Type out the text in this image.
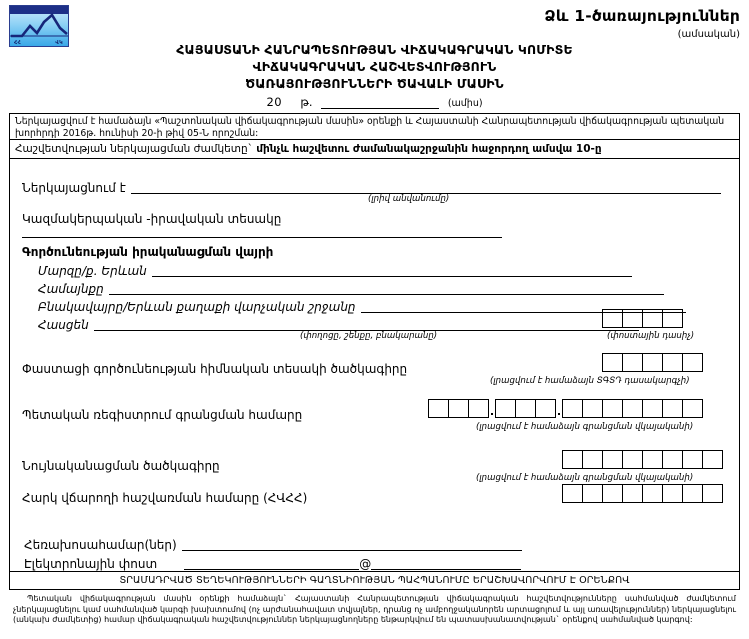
ՀՀ	ՎԿ
Ձև 1-ծառայություններ
(ամսական)
ՀԱՅԱՍՏԱՆԻ ՀԱՆՐԱՊԵՏՈՒԹՅԱՆ ՎԻՃԱԿԱԳՐԱԿԱՆ ԿՈՄԻՏԵ
ՎԻՃԱԿԱԳՐԱԿԱՆ ՀԱՇՎԵՏՎՈՒԹՅՈՒՆ
ԾԱՌԱՅՈՒԹՅՈՒՆՆԵՐԻ ԾԱՎԱԼԻ ՄԱՍԻՆ
20 թ.	(ամիս)
Ներկայացվում է համաձայն «Պաշտոնական վիճակագրության մասին» օրենքի և Հայաստանի Հանրապետության վիճակագրության պետական խորհրդի 2016թ. հունիսի 20-ի թիվ 05-Ն որոշման:
Հաշվետվության ներկայացման ժամկետը` մինչև հաշվետու ժամանակաշրջանին հաջորդող ամսվա 10-ը
Ներկայացնում է
(լրիվ անվանումը)
Կազմակերպական -իրավական տեսակը
Գործունեության իրականացման վայրի
Մարզը/ք. Երևան
Համայնքը
Բնակավայրը/Երևան քաղաքի վարչական շրջանը
Հասցեն
(փողոցը, շենքը, բնակարանը)	(փոստային դասիչ)
Փաստացի գործունեության հիմնական տեսակի ծածկագիրը
(լրացվում է համաձայն ՏԳՏԴ դասակարգչի)
Պետական ռեգիստրում գրանցման համարը
(լրացվում է համաձայն գրանցման վկայականի)
Նույնականացման ծածկագիրը
(լրացվում է համաձայն գրանցման վկայականի)
Հարկ վճարողի հաշվառման համարը (ՀՎՀՀ)
Հեռախոսահամար(ներ)
Էլեկտրոնային փոստ	@
ՏՐԱՄԱԴՐՎԱԾ ՏԵՂԵԿՈՒԹՅՈՒՆՆԵՐԻ ԳԱՂՏՆԻՈՒԹՅԱՆ ՊԱՀՊԱՆՈՒՄԸ ԵՐԱՇԽԱՎՈՐՎՈՒՄ Է ՕՐԵՆՔՈՎ
Պետական վիճակագրության մասին օրենքի համաձայն` Հայաստանի Հանրապետության վիճակագրական հաշվետվությունները սահմանված ժամկետում չներկայացնելու կամ սահմանված կարգի խախտումով (ոչ արժանահավատ տվյալներ, դրանց ոչ ամբողջականորեն արտացոլում և այլ առավելություններ) ներկայացնելու (անկախ ժամկետից) համար վիճակագրական հաշվետվություններ ներկայացնողները ենթարկվում են պատասխանատվության` օրենքով սահմանված կարգով:
